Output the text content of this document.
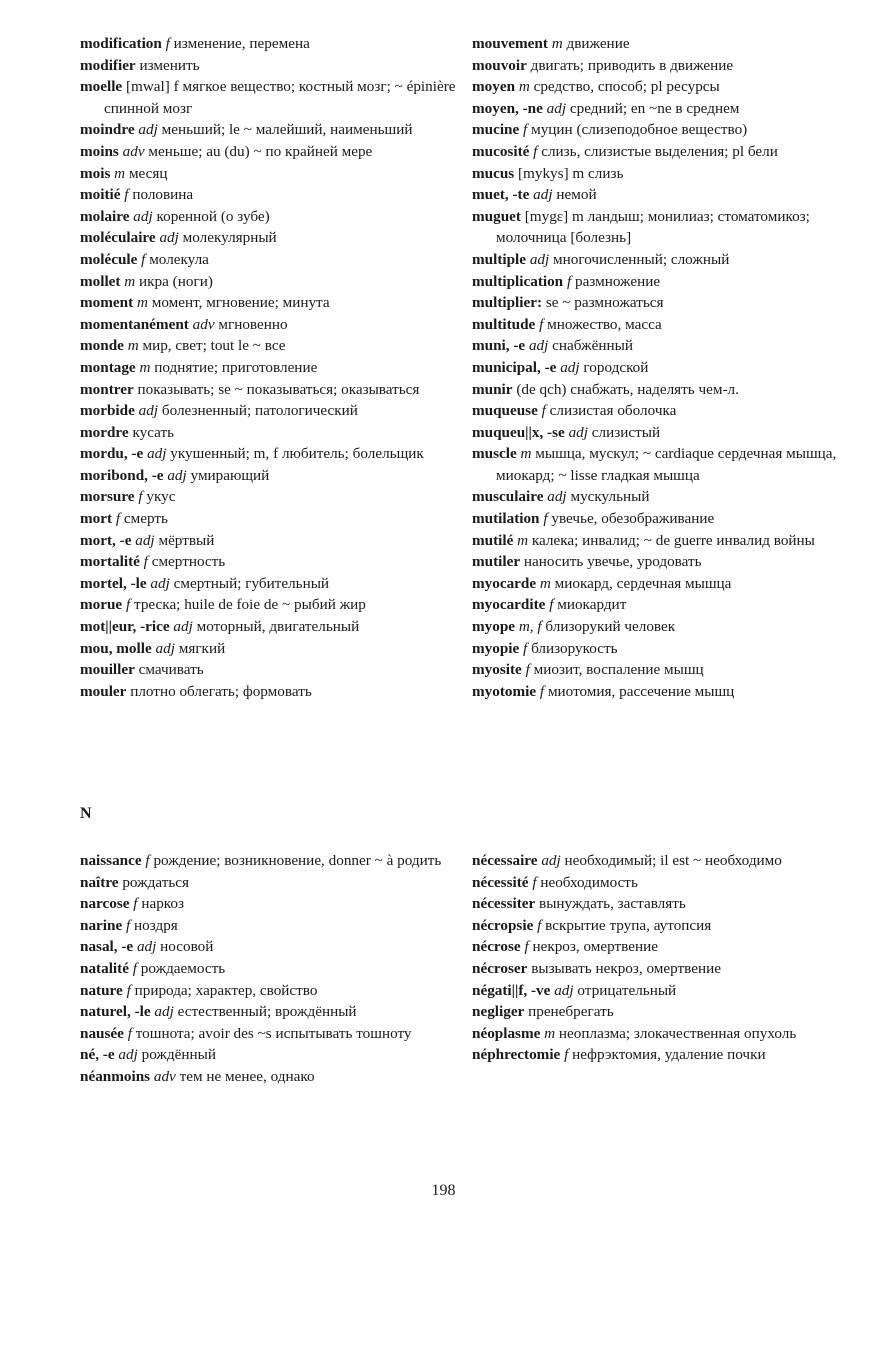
modification f изменение, перемена
modifier изменить
moelle [mwal] f мягкое вещество; костный мозг; ~ épinière спинной мозг
moindre adj меньший; le ~ малейший, наименьший
moins adv меньше; au (du) ~ по крайней мере
mois m месяц
moitié f половина
molaire adj коренной (о зубе)
moléculaire adj молекулярный
molécule f молекула
mollet m икра (ноги)
moment m момент, мгновение; минута
momentanément adv мгновенно
monde m мир, свет; tout le ~ все
montage m поднятие; приготовление
montrer показывать; se ~ показываться; оказываться
morbide adj болезненный; патологический
mordre кусать
mordu, -e adj укушенный; m, f любитель; болельщик
moribond, -e adj умирающий
morsure f укус
mort f смерть
mort, -e adj мёртвый
mortalité f смертность
mortel, -le adj смертный; губительный
morue f треска; huile de foie de ~ рыбий жир
mot||eur, -rice adj моторный, двигательный
mou, molle adj мягкий
mouiller смачивать
mouler плотно облегать; формовать
mouvement m движение
mouvoir двигать; приводить в движение
moyen m средство, способ; pl ресурсы
moyen, -ne adj средний; en ~ne в среднем
mucine f муцин (слизеподобное вещество)
mucosité f слизь, слизистые выделения; pl бели
mucus [mykys] m слизь
muet, -te adj немой
muguet [mygɛ] m ландыш; монилиаз; стоматомикоз; молочница [болезнь]
multiple adj многочисленный; сложный
multiplication f размножение
multiplier: se ~ размножаться
multitude f множество, масса
muni, -e adj снабжённый
municipal, -e adj городской
munir (de qch) снабжать, наделять чем-л.
muqueuse f слизистая оболочка
muqueu||x, -se adj слизистый
muscle m мышца, мускул; ~ cardiaque сердечная мышца, миокард; ~ lisse гладкая мышца
musculaire adj мускульный
mutilation f увечье, обезображивание
mutilé m калека; инвалид; ~ de guerre инвалид войны
mutiler наносить увечье, уродовать
myocarde m миокард, сердечная мышца
myocardite f миокардит
myope m, f близорукий человек
myopie f близорукость
myosite f миозит, воспаление мышц
myotomie f миотомия, рассечение мышц
N
naissance f рождение; возникновение, donner ~ à родить
naître рождаться
narcose f наркоз
narine f ноздря
nasal, -e adj носовой
natalité f рождаемость
nature f природа; характер, свойство
naturel, -le adj естественный; врождённый
nausée f тошнота; avoir des ~s испытывать тошноту
né, -e adj рождённый
néanmoins adv тем не менее, однако
nécessaire adj необходимый; il est ~ необходимо
nécessité f необходимость
nécessiter вынуждать, заставлять
nécropsie f вскрытие трупа, аутопсия
nécrose f некроз, омертвение
nécroser вызывать некроз, омертвение
négati||f, -ve adj отрицательный
negliger пренебрегать
néoplasme m неоплазма; злокачественная опухоль
néphrectomie f нефрэктомия, удаление почки
198
